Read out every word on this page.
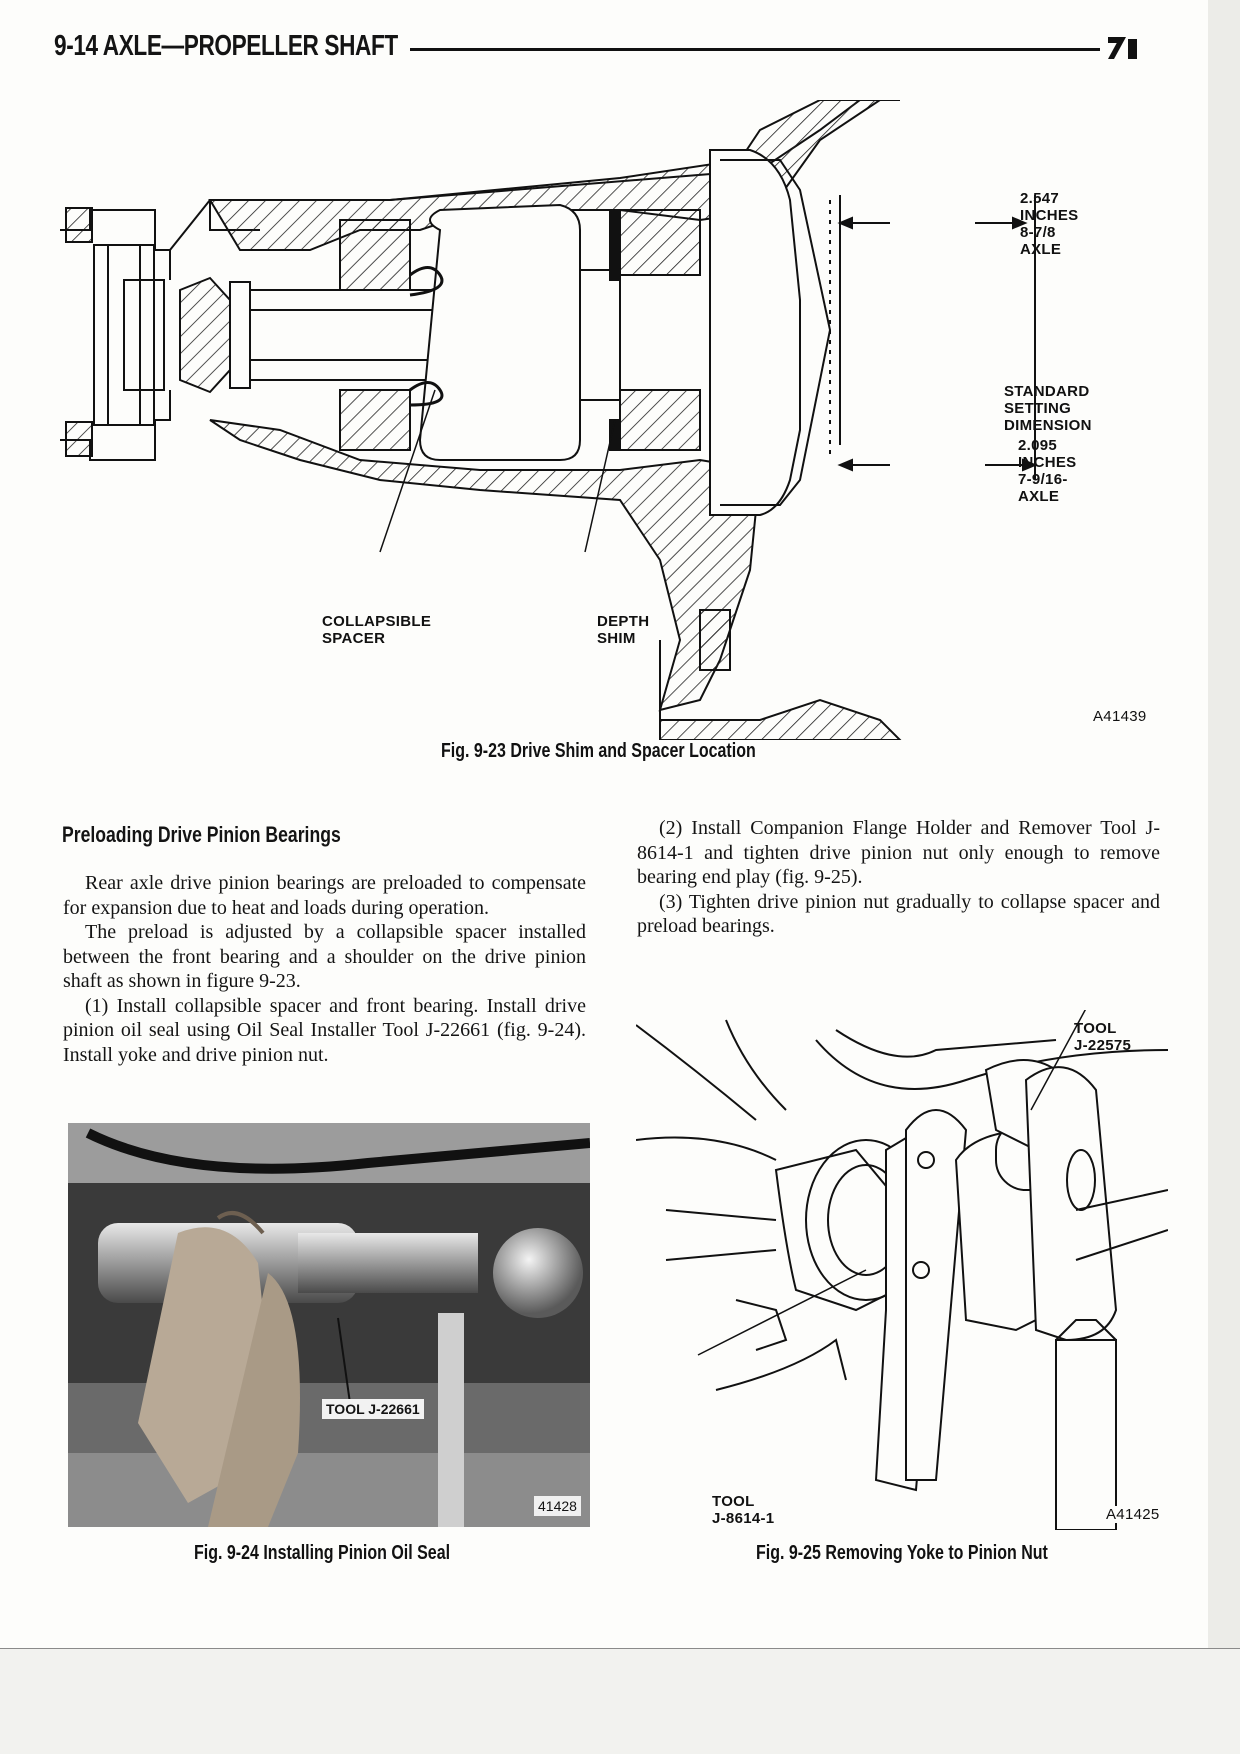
9-14 AXLE—PROPELLER SHAFT
2.547
INCHES
8-7/8
AXLE
STANDARD
SETTING
DIMENSION
2.095
INCHES
7-9/16-
AXLE
COLLAPSIBLE
SPACER
DEPTH
SHIM
A41439
Fig. 9-23 Drive Shim and Spacer Location
Preloading Drive Pinion Bearings

Rear axle drive pinion bearings are preloaded to compensate for expansion due to heat and loads during operation.

The preload is adjusted by a collapsible spacer installed between the front bearing and a shoulder on the drive pinion shaft as shown in figure 9-23.

(1) Install collapsible spacer and front bearing. Install drive pinion oil seal using Oil Seal Installer Tool J-22661 (fig. 9-24). Install yoke and drive pinion nut.

(2) Install Companion Flange Holder and Remover Tool J-8614-1 and tighten drive pinion nut only enough to remove bearing end play (fig. 9-25).

(3) Tighten drive pinion nut gradually to collapse spacer and preload bearings.

TOOL J-22661
41428
Fig. 9-24 Installing Pinion Oil Seal
TOOL
J-22575
TOOL
J-8614-1	A41425
Fig. 9-25 Removing Yoke to Pinion Nut
